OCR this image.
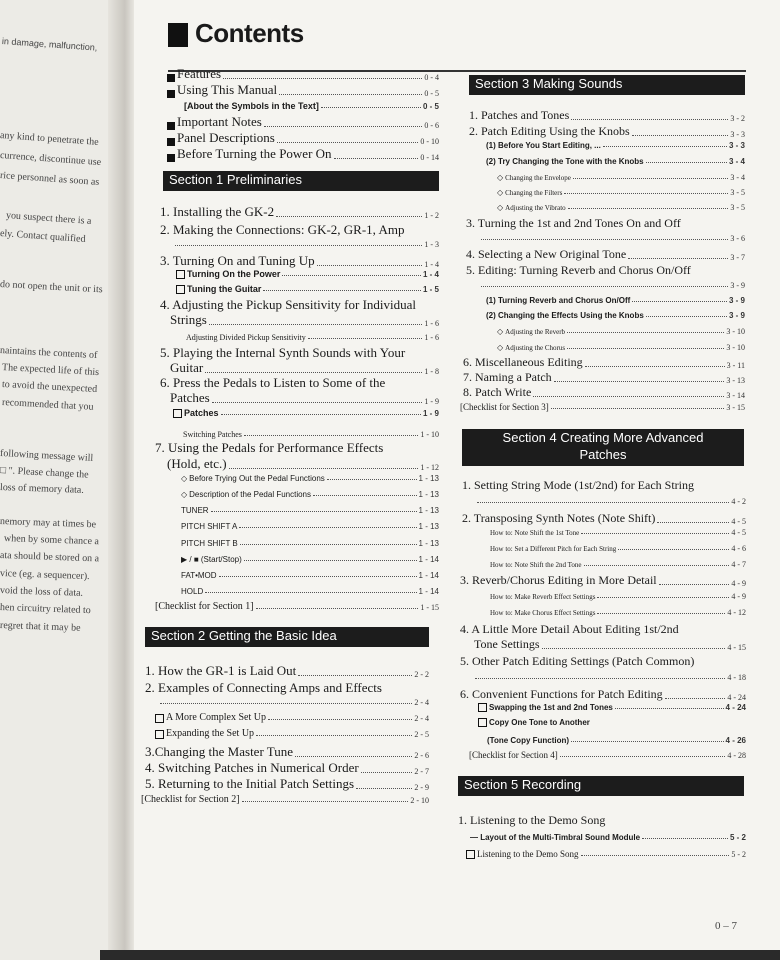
in damage, malfunction,
any kind to penetrate the
currence, discontinue use
rice personnel as soon as
you suspect there is a
ely. Contact qualified
do not open the unit or its
naintains the contents of
The expected life of this
to avoid the unexpected
recommended that you
following message will
□ ". Please change the
loss of memory data.
nemory may at times be
when by some chance a
ata should be stored on a
vice (eg. a sequencer).
void the loss of data.
hen circuitry related to
regret that it may be
Contents
Features	0 - 4
Using This Manual	0 - 5
[About the Symbols in the Text]	0 - 5
Important Notes	0 - 6
Panel Descriptions	0 - 10
Before Turning the Power On	0 - 14
Section 1 Preliminaries
1. Installing the GK-2	1 - 2
2. Making the Connections: GK-2, GR-1, Amp
1 - 3
3. Turning On and Tuning Up	1 - 4
Turning On the Power	1 - 4
Tuning the Guitar	1 - 5
4. Adjusting the Pickup Sensitivity for Individual
Strings	1 - 6
Adjusting Divided Pickup Sensitivity	1 - 6
5. Playing the Internal Synth Sounds with Your
Guitar	1 - 8
6. Press the Pedals to Listen to Some of the
Patches	1 - 9
Patches	1 - 9
Switching Patches	1 - 10
7. Using the Pedals for Performance Effects
(Hold, etc.)	1 - 12
◇ Before Trying Out the Pedal Functions	1 - 13
◇ Description of the Pedal Functions	1 - 13
TUNER	1 - 13
PITCH SHIFT A	1 - 13
PITCH SHIFT B	1 - 13
▶ / ■ (Start/Stop)	1 - 14
FAT•MOD	1 - 14
HOLD	1 - 14
[Checklist for Section 1]	1 - 15
Section 2 Getting the Basic Idea
1. How the GR-1 is Laid Out	2 - 2
2. Examples of Connecting Amps and Effects
2 - 4
A More Complex Set Up	2 - 4
Expanding the Set Up	2 - 5
3.Changing the Master Tune	2 - 6
4. Switching Patches in Numerical Order	2 - 7
5. Returning to the Initial Patch Settings	2 - 9
[Checklist for Section 2]	2 - 10
Section 3 Making Sounds
1. Patches and Tones	3 - 2
2. Patch Editing Using the Knobs	3 - 3
(1) Before You Start Editing, ...	3 - 3
(2) Try Changing the Tone with the Knobs	3 - 4
◇ Changing the Envelope	3 - 4
◇ Changing the Filters	3 - 5
◇ Adjusting the Vibrato	3 - 5
3. Turning the 1st and 2nd Tones On and Off
3 - 6
4. Selecting a New Original Tone	3 - 7
5. Editing: Turning Reverb and Chorus On/Off
3 - 9
(1) Turning Reverb and Chorus On/Off	3 - 9
(2) Changing the Effects Using the Knobs	3 - 9
◇ Adjusting the Reverb	3 - 10
◇ Adjusting the Chorus	3 - 10
6. Miscellaneous Editing	3 - 11
7. Naming a Patch	3 - 13
8. Patch Write	3 - 14
[Checklist for Section 3]	3 - 15
Section 4 Creating More Advanced
Patches
1. Setting String Mode (1st/2nd) for Each String
4 - 2
2. Transposing Synth Notes (Note Shift)	4 - 5
How to: Note Shift the 1st Tone	4 - 5
How to: Set a Different Pitch for Each String	4 - 6
How to: Note Shift the 2nd Tone	4 - 7
3. Reverb/Chorus Editing in More Detail	4 - 9
How to: Make Reverb Effect Settings	4 - 9
How to: Make Chorus Effect Settings	4 - 12
4. A Little More Detail About Editing 1st/2nd
Tone Settings	4 - 15
5. Other Patch Editing Settings (Patch Common)
4 - 18
6. Convenient Functions for Patch Editing	4 - 24
Swapping the 1st and 2nd Tones	4 - 24
Copy One Tone to Another
(Tone Copy Function)	4 - 26
[Checklist for Section 4]	4 - 28
Section 5 Recording
1. Listening to the Demo Song
— Layout of the Multi-Timbral Sound Module	5 - 2
Listening to the Demo Song	5 - 2
0 – 7
